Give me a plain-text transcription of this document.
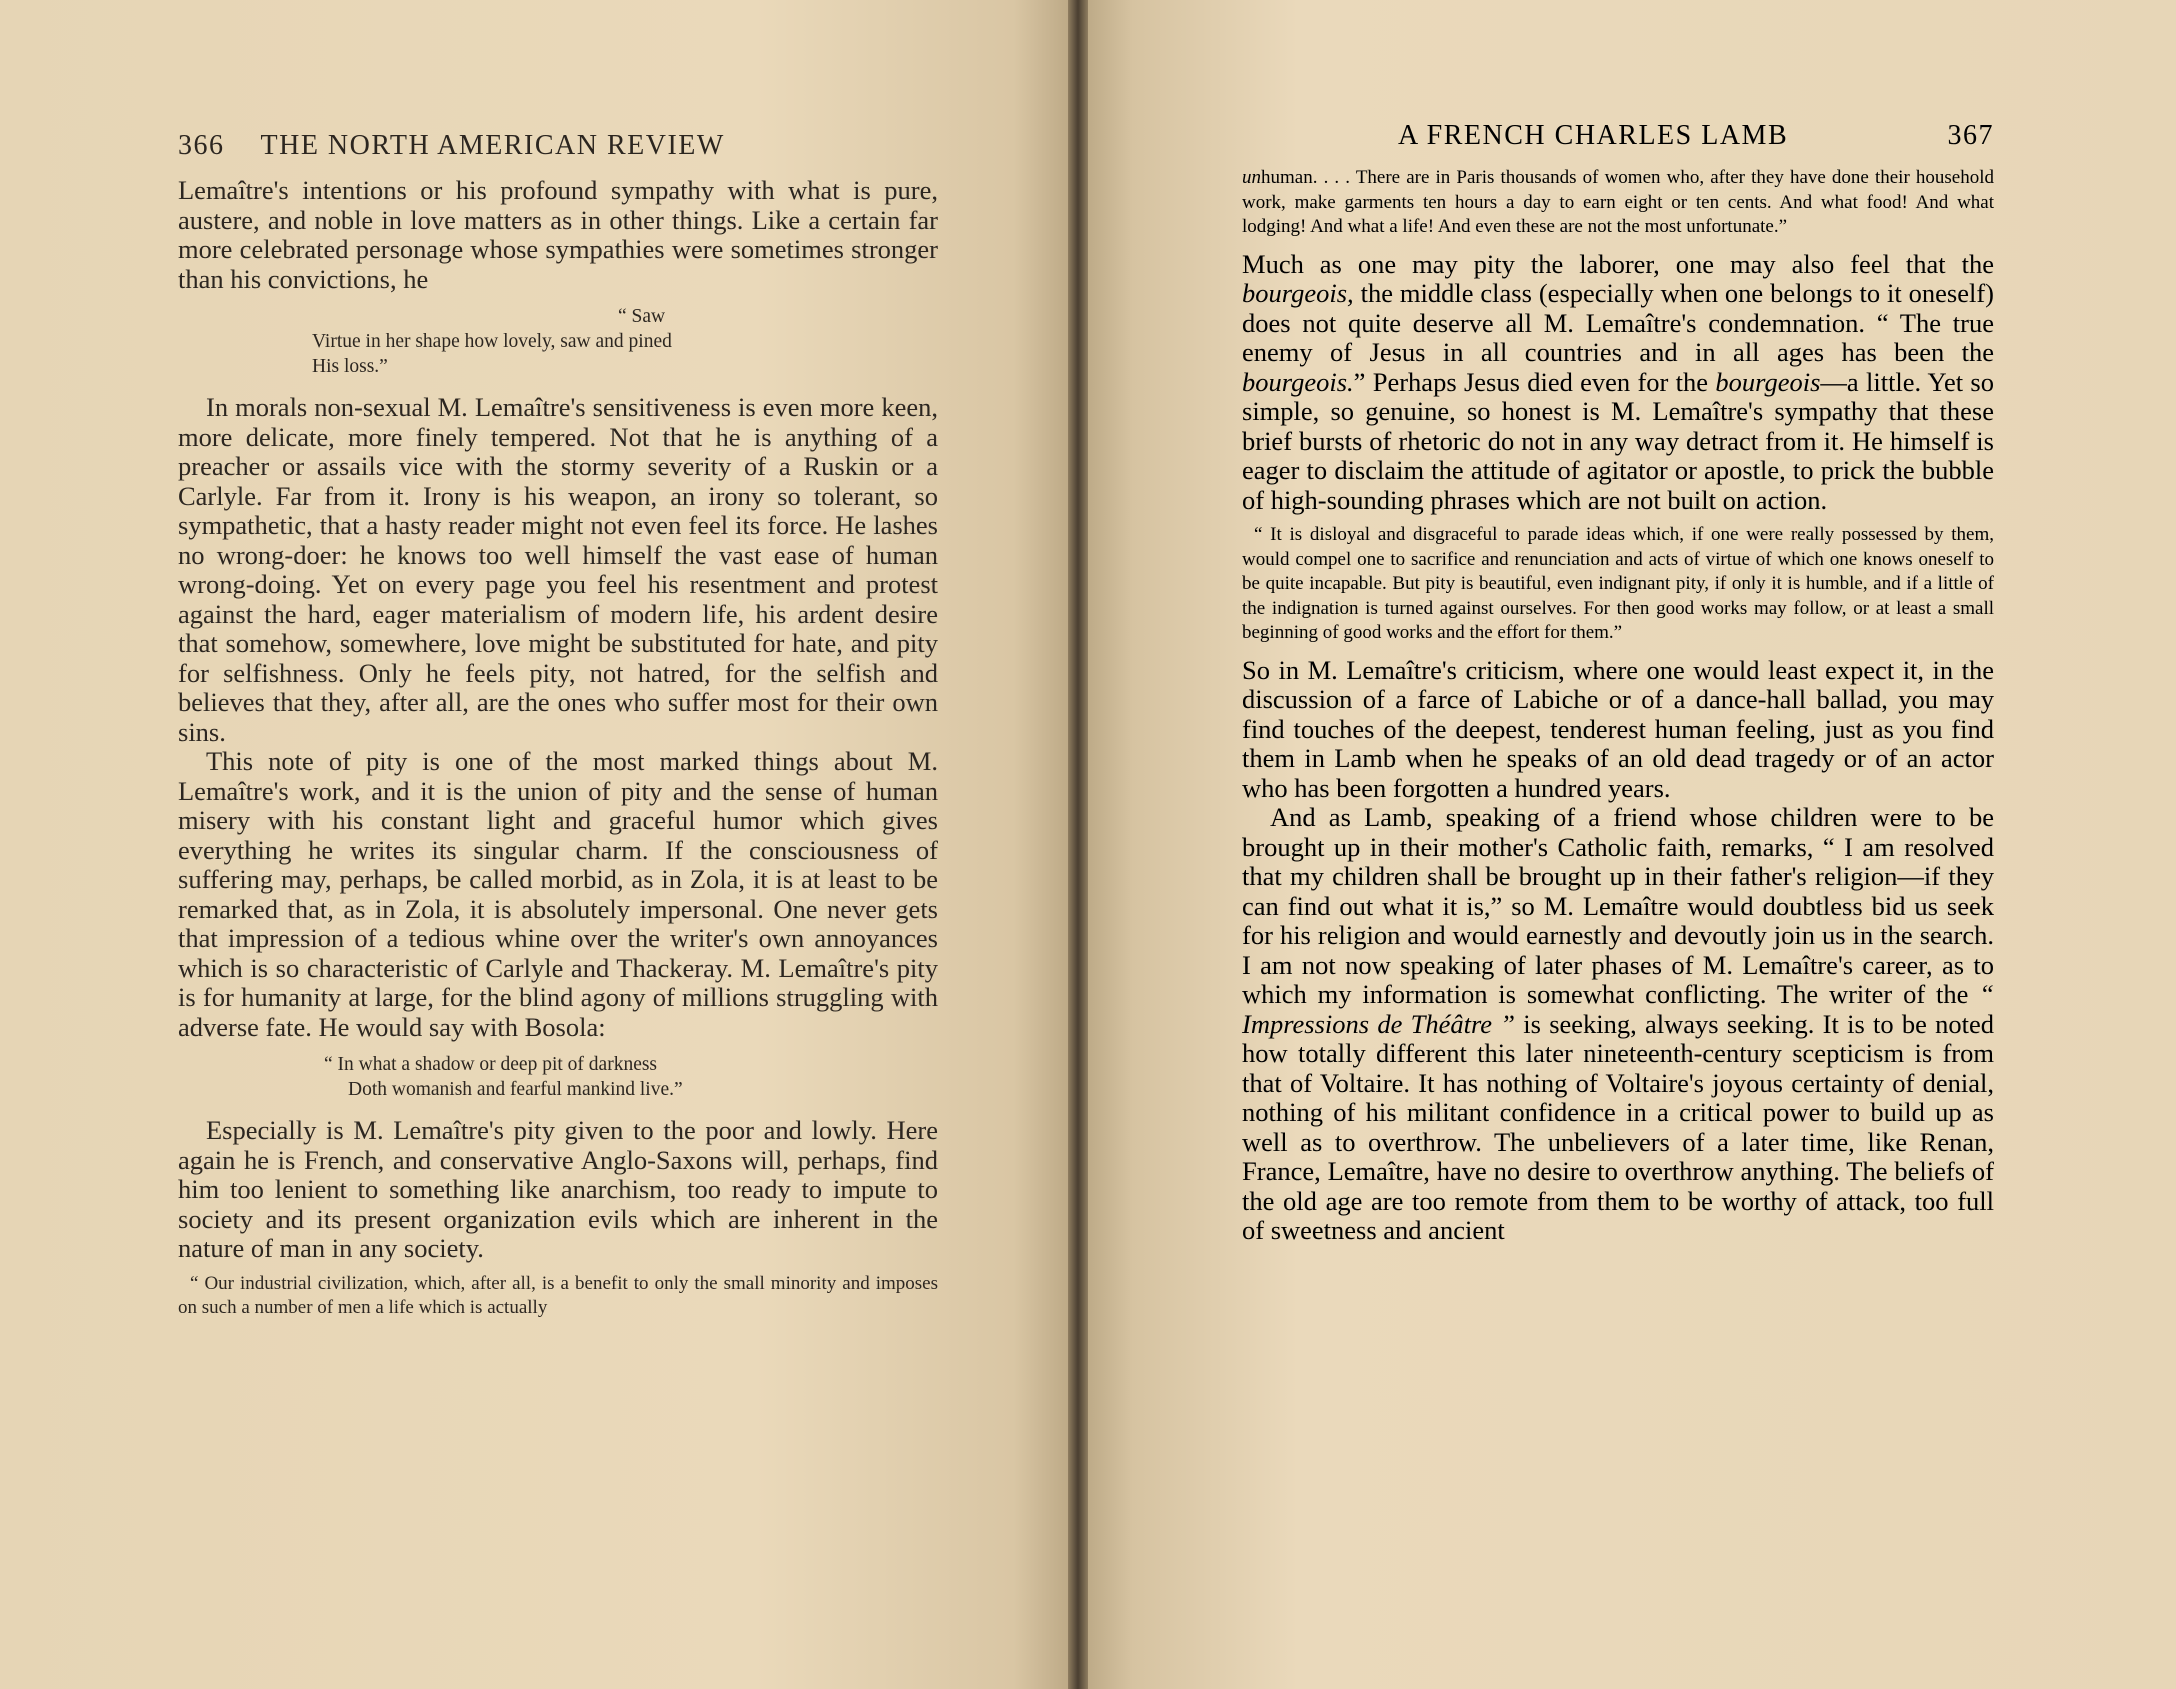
366	THE NORTH AMERICAN REVIEW

Lemaître's intentions or his profound sympathy with what is pure, austere, and noble in love matters as in other things. Like a certain far more celebrated personage whose sympathies were sometimes stronger than his convictions, he

“ Saw
Virtue in her shape how lovely, saw and pined
His loss.”

In morals non-sexual M. Lemaître's sensitiveness is even more keen, more delicate, more finely tempered. Not that he is anything of a preacher or assails vice with the stormy severity of a Ruskin or a Carlyle. Far from it. Irony is his weapon, an irony so tolerant, so sympathetic, that a hasty reader might not even feel its force. He lashes no wrong-doer: he knows too well himself the vast ease of human wrong-doing. Yet on every page you feel his resentment and protest against the hard, eager materialism of modern life, his ardent desire that somehow, somewhere, love might be substituted for hate, and pity for selfishness. Only he feels pity, not hatred, for the selfish and believes that they, after all, are the ones who suffer most for their own sins.

This note of pity is one of the most marked things about M. Lemaître's work, and it is the union of pity and the sense of human misery with his constant light and graceful humor which gives everything he writes its singular charm. If the consciousness of suffering may, perhaps, be called morbid, as in Zola, it is at least to be remarked that, as in Zola, it is absolutely impersonal. One never gets that impression of a tedious whine over the writer's own annoyances which is so characteristic of Carlyle and Thackeray. M. Lemaître's pity is for humanity at large, for the blind agony of millions struggling with adverse fate. He would say with Bosola:

“ In what a shadow or deep pit of darkness
Doth womanish and fearful mankind live.”

Especially is M. Lemaître's pity given to the poor and lowly. Here again he is French, and conservative Anglo-Saxons will, perhaps, find him too lenient to something like anarchism, too ready to impute to society and its present organization evils which are inherent in the nature of man in any society.

“ Our industrial civilization, which, after all, is a benefit to only the small minority and imposes on such a number of men a life which is actually

A FRENCH CHARLES LAMB	367

unhuman. . . . There are in Paris thousands of women who, after they have done their household work, make garments ten hours a day to earn eight or ten cents. And what food! And what lodging! And what a life! And even these are not the most unfortunate.”

Much as one may pity the laborer, one may also feel that the bourgeois, the middle class (especially when one belongs to it oneself) does not quite deserve all M. Lemaître's condemnation. “ The true enemy of Jesus in all countries and in all ages has been the bourgeois.” Perhaps Jesus died even for the bourgeois—a little. Yet so simple, so genuine, so honest is M. Lemaître's sympathy that these brief bursts of rhetoric do not in any way detract from it. He himself is eager to disclaim the attitude of agitator or apostle, to prick the bubble of high-sounding phrases which are not built on action.

“ It is disloyal and disgraceful to parade ideas which, if one were really possessed by them, would compel one to sacrifice and renunciation and acts of virtue of which one knows oneself to be quite incapable. But pity is beautiful, even indignant pity, if only it is humble, and if a little of the indignation is turned against ourselves. For then good works may follow, or at least a small beginning of good works and the effort for them.”

So in M. Lemaître's criticism, where one would least expect it, in the discussion of a farce of Labiche or of a dance-hall ballad, you may find touches of the deepest, tenderest human feeling, just as you find them in Lamb when he speaks of an old dead tragedy or of an actor who has been forgotten a hundred years.

And as Lamb, speaking of a friend whose children were to be brought up in their mother's Catholic faith, remarks, “ I am resolved that my children shall be brought up in their father's religion—if they can find out what it is,” so M. Lemaître would doubtless bid us seek for his religion and would earnestly and devoutly join us in the search. I am not now speaking of later phases of M. Lemaître's career, as to which my information is somewhat conflicting. The writer of the “ Impressions de Théâtre ” is seeking, always seeking. It is to be noted how totally different this later nineteenth-century scepticism is from that of Voltaire. It has nothing of Voltaire's joyous certainty of denial, nothing of his militant confidence in a critical power to build up as well as to overthrow. The unbelievers of a later time, like Renan, France, Lemaître, have no desire to overthrow anything. The beliefs of the old age are too remote from them to be worthy of attack, too full of sweetness and ancient
